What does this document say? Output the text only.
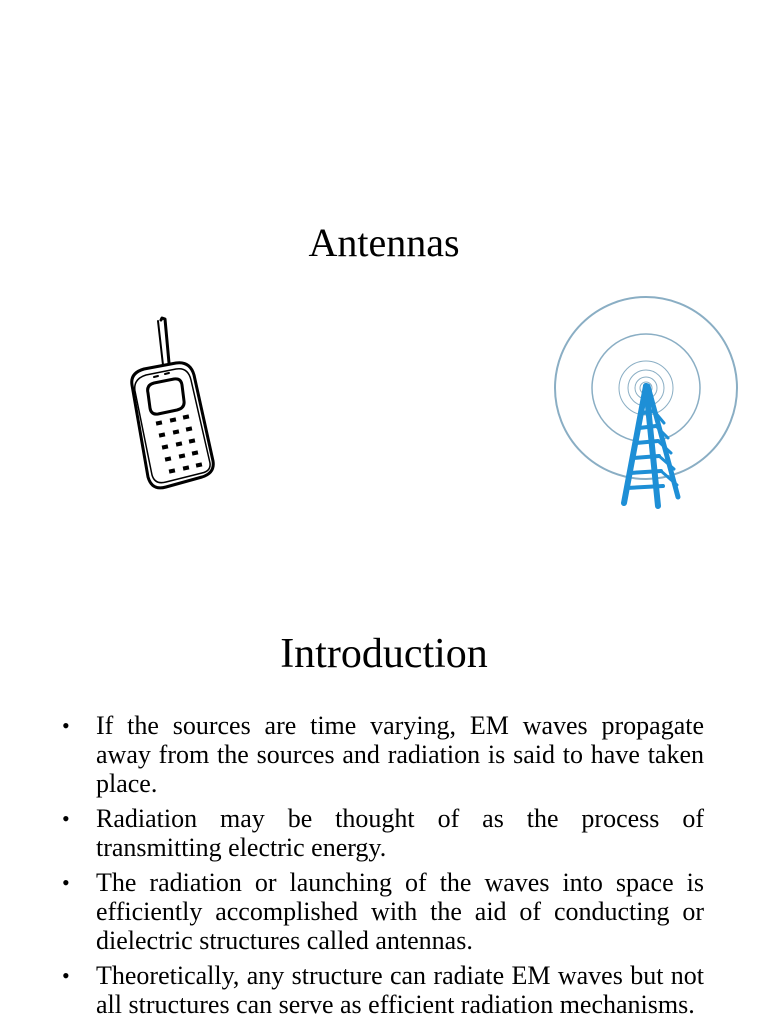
Antennas
Introduction
• If the sources are time varying, EM waves propagate away from the sources and radiation is said to have taken place.
• Radiation may be thought of as the process of transmitting electric energy.
• The radiation or launching of the waves into space is efficiently accomplished with the aid of conducting or dielectric structures called antennas.
• Theoretically, any structure can radiate EM waves but not all structures can serve as efficient radiation mechanisms.
